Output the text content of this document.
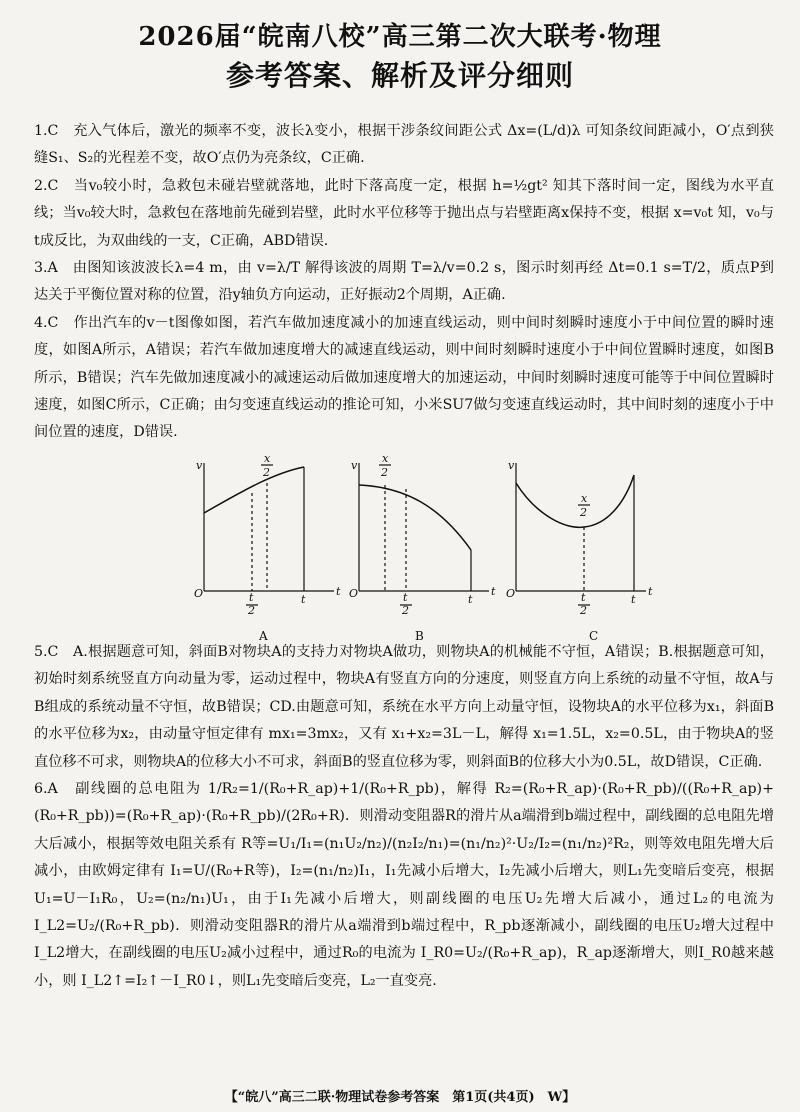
2026届“皖南八校”高三第二次大联考·物理
参考答案、解析及评分细则

1.C　 充入气体后，激光的频率不变，波长λ变小，根据干涉条纹间距公式 Δx=(L/d)λ 可知条纹间距减小，O′点到狭缝S₁、S₂的光程差不变，故O′点仍为亮条纹，C正确.

2.C　 当v₀较小时，急救包未碰岩壁就落地，此时下落高度一定，根据 h=½gt² 知其下落时间一定，图线为水平直线；当v₀较大时，急救包在落地前先碰到岩壁，此时水平位移等于抛出点与岩壁距离x保持不变，根据 x=v₀t 知，v₀与t成反比，为双曲线的一支，C正确，ABD错误.

3.A　 由图知该波波长λ=4 m，由 v=λ/T 解得该波的周期 T=λ/v=0.2 s，图示时刻再经 Δt=0.1 s=T/2，质点P到达关于平衡位置对称的位置，沿y轴负方向运动，正好振动2个周期，A正确.

4.C　 作出汽车的v－t图像如图，若汽车做加速度减小的加速直线运动，则中间时刻瞬时速度小于中间位置的瞬时速度，如图A所示，A错误；若汽车做加速度增大的减速直线运动，则中间时刻瞬时速度小于中间位置瞬时速度，如图B所示，B错误；汽车先做加速度减小的减速运动后做加速度增大的加速运动，中间时刻瞬时速度可能等于中间位置瞬时速度，如图C所示，C正确；由匀变速直线运动的推论可知，小米SU7做匀变速直线运动时，其中间时刻的速度小于中间位置的速度，D错误.

v
t
O
x
2
t
2
t
v
t
O
x
2
t
2
t
v
t
O
x
2
t
2
t
A	B	C

5.C　 A.根据题意可知，斜面B对物块A的支持力对物块A做功，则物块A的机械能不守恒，A错误；B.根据题意可知，初始时刻系统竖直方向动量为零，运动过程中，物块A有竖直方向的分速度，则竖直方向上系统的动量不守恒，故A与B组成的系统动量不守恒，故B错误；CD.由题意可知，系统在水平方向上动量守恒，设物块A的水平位移为x₁，斜面B的水平位移为x₂，由动量守恒定律有 mx₁=3mx₂，又有 x₁+x₂=3L－L，解得 x₁=1.5L，x₂=0.5L，由于物块A的竖直位移不可求，则物块A的位移大小不可求，斜面B的竖直位移为零，则斜面B的位移大小为0.5L，故D错误，C正确.

6.A　 副线圈的总电阻为 1/R₂=1/(R₀+R_ap)+1/(R₀+R_pb)，解得 R₂=(R₀+R_ap)·(R₀+R_pb)/((R₀+R_ap)+(R₀+R_pb))=(R₀+R_ap)·(R₀+R_pb)/(2R₀+R)．则滑动变阻器R的滑片从a端滑到b端过程中，副线圈的总电阻先增大后减小，根据等效电阻关系有 R等=U₁/I₁=(n₁U₂/n₂)/(n₂I₂/n₁)=(n₁/n₂)²·U₂/I₂=(n₁/n₂)²R₂，则等效电阻先增大后减小，由欧姆定律有 I₁=U/(R₀+R等)，I₂=(n₁/n₂)I₁，I₁先减小后增大，I₂先减小后增大，则L₁先变暗后变亮，根据 U₁=U－I₁R₀，U₂=(n₂/n₁)U₁，由于I₁先减小后增大，则副线圈的电压U₂先增大后减小，通过L₂的电流为 I_L2=U₂/(R₀+R_pb)．则滑动变阻器R的滑片从a端滑到b端过程中，R_pb逐渐减小，副线圈的电压U₂增大过程中I_L2增大，在副线圈的电压U₂减小过程中，通过R₀的电流为 I_R0=U₂/(R₀+R_ap)，R_ap逐渐增大，则I_R0越来越小，则 I_L2↑=I₂↑－I_R0↓，则L₁先变暗后变亮，L₂一直变亮.

【“皖八”高三二联·物理试卷参考答案　第1页(共4页)　W】
